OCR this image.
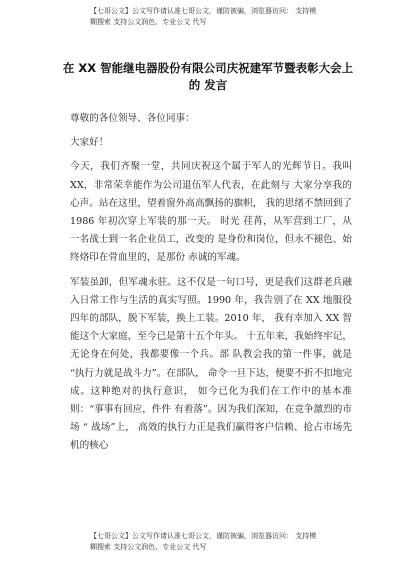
【七哥公文】公文写作请认准七哥公文，谨防被骗，浏览器访问： 支持模
糊搜索 支持公文润色、专业公文 代写
在 XX 智能继电器股份有限公司庆祝建军节暨表彰大会上的 发言

尊敬的各位领导、各位同事：

大家好！

今天，我们齐聚一堂，共同庆祝这个属于军人的光辉节日。我叫 XX，非常荣幸能作为公司退伍军人代表，在此刻与 大家分享我的心声。站在这里，望着窗外高高飘扬的旗帜， 我的思绪不禁回到了 1986 年初次穿上军装的那一天。 时光 荏苒，从军营到工厂，从一名战士到一名企业员工，改变的 是身份和岗位，但永不褪色、始终烙印在骨血里的，是那份 赤诚的军魂。

军装虽卸，但军魂永驻。这不仅是一句口号，更是我们这群老兵融入日常工作与生活的真实写照。1990 年，我告别了在 XX 地服役四年的部队，脱下军装，换上工装。2010 年， 我有幸加入 XX 智能这个大家庭，至今已是第十五个年头。 十五年来，我始终牢记，无论身在何处，我都要像一个兵。部 队教会我的第一件事，就是 “执行力就是战斗力”。在部队， 命令一旦下达，便要不折不扣地完成。这种绝对的执行意识， 如今已化为我们在工作中的基本准则：“事事有回应，件件 有着落”。因为我们深知，在竞争激烈的市场 “ 战场”上， 高效的执行力正是我们赢得客户信赖、抢占市场先机的核心

【七哥公文】公文写作请认准七哥公文，谨防被骗，浏览器访问： 支持模
糊搜索 支持公文润色、专业公文 代写
